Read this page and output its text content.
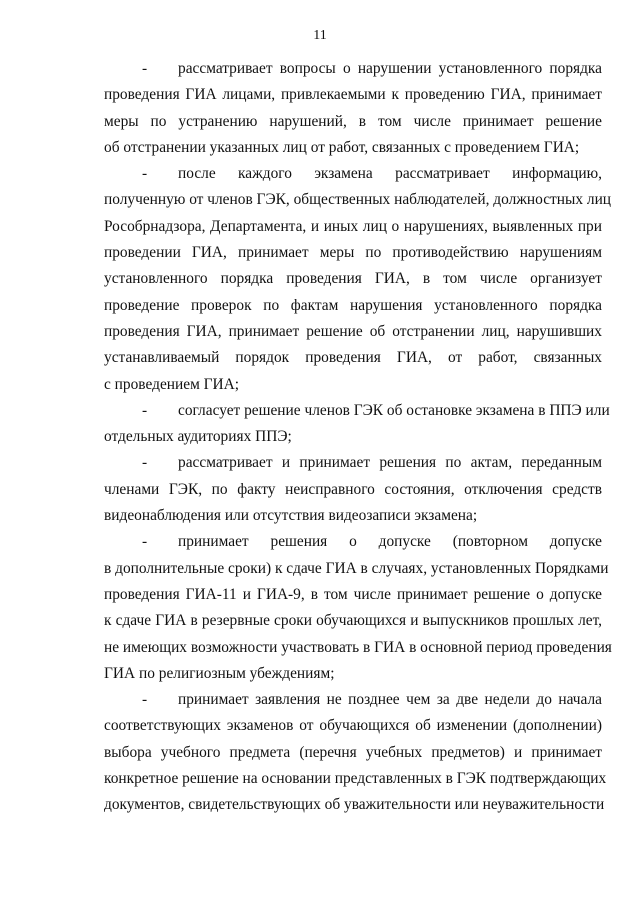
11
- рассматривает вопросы о нарушении установленного порядка
проведения ГИА лицами, привлекаемыми к проведению ГИА, принимает
меры по устранению нарушений, в том числе принимает решение
об отстранении указанных лиц от работ, связанных с проведением ГИА;
- после каждого экзамена рассматривает информацию,
полученную от членов ГЭК, общественных наблюдателей, должностных лиц
Рособрнадзора, Департамента, и иных лиц о нарушениях, выявленных при
проведении ГИА, принимает меры по противодействию нарушениям
установленного порядка проведения ГИА, в том числе организует
проведение проверок по фактам нарушения установленного порядка
проведения ГИА, принимает решение об отстранении лиц, нарушивших
устанавливаемый порядок проведения ГИА, от работ, связанных
с проведением ГИА;
- согласует решение членов ГЭК об остановке экзамена в ППЭ или
отдельных аудиториях ППЭ;
- рассматривает и принимает решения по актам, переданным
членами ГЭК, по факту неисправного состояния, отключения средств
видеонаблюдения или отсутствия видеозаписи экзамена;
- принимает решения о допуске (повторном допуске
в дополнительные сроки) к сдаче ГИА в случаях, установленных Порядками
проведения ГИА-11 и ГИА-9, в том числе принимает решение о допуске
к сдаче ГИА в резервные сроки обучающихся и выпускников прошлых лет,
не имеющих возможности участвовать в ГИА в основной период проведения
ГИА по религиозным убеждениям;
- принимает заявления не позднее чем за две недели до начала
соответствующих экзаменов от обучающихся об изменении (дополнении)
выбора учебного предмета (перечня учебных предметов) и принимает
конкретное решение на основании представленных в ГЭК подтверждающих
документов, свидетельствующих об уважительности или неуважительности
